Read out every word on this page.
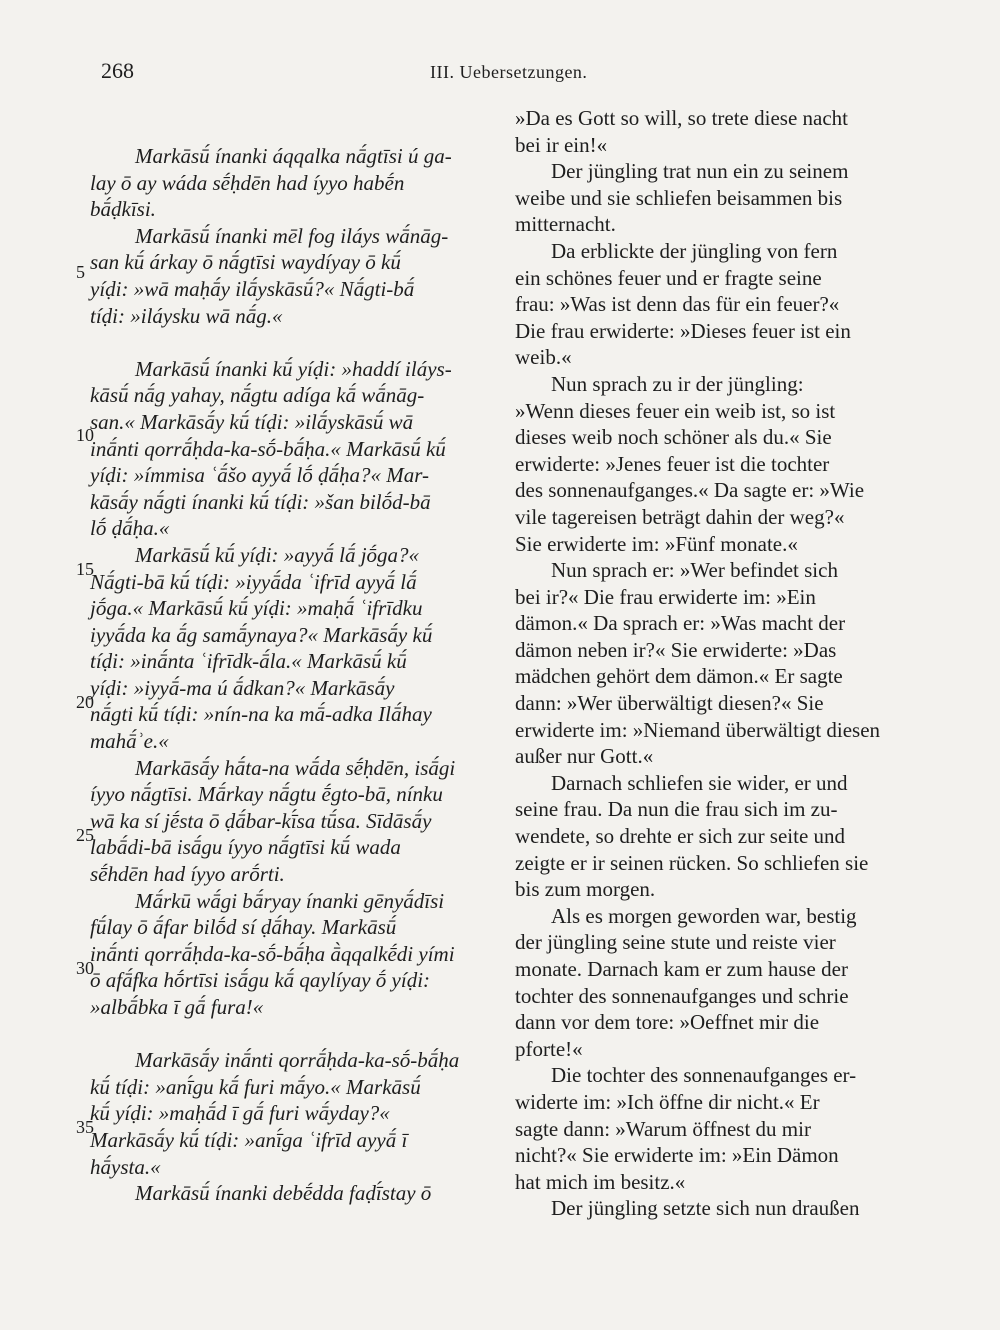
268	III. Uebersetzungen.
Markāsū́ ínanki áqqalka nā́gtīsi ú ga-
lay ō ay wáda sḗḥdēn had íyyo habḗn
bā́ḍkīsi.
Markāsū́ ínanki mēl fog iláys wā́nāg-
san kū́ árkay ō nā́gtīsi waydíyay ō kū́
yíḍi: »wā maḥā́y ilā́yskāsū́?« Nā́gti-bā́
tíḍi: »iláysku wā nā́g.«
Markāsū́ ínanki kū́ yíḍi: »haddí iláys-
kāsū́ nā́g yahay, nā́gtu adíga kā́ wā́nāg-
san.« Markāsā́y kū́ tíḍi: »ilā́yskāsū́ wā
inā́nti qorrā́ḥda-ka-sṓ-bā́ḥa.« Markāsū́ kū́
yíḍi: »ímmisa ʿā́šo ayyā́ lṓ ḍā́ḥa?« Mar-
kāsā́y nā́gti ínanki kū́ tíḍi: »šan bilṓd-bā
lṓ ḍā́ḥa.«
Markāsū́ kū́ yíḍi: »ayyā́ lā́ jṓga?«
Nā́gti-bā kū́ tíḍi: »iyyā́da ʿifrīd ayyā́ lā́
jṓga.« Markāsū́ kū́ yíḍi: »maḥā́ ʿifrīdku
iyyā́da ka ā́g samā́ynaya?« Markāsā́y kū́
tíḍi: »inā́nta ʿifrīdk-ā́la.« Markāsū́ kū́
yíḍi: »iyyā́-ma ú ā́dkan?« Markāsā́y
nā́gti kū́ tíḍi: »nín-na ka mā́-adka Ilā́hay
mahā́ʾe.«
Markāsā́y hā́ta-na wā́da sḗḥdēn, isā́gi
íyyo nā́gtīsi. Mā́rkay nā́gtu ḗgto-bā, nínku
wā ka sí jḗsta ō ḍā́bar-kī́sa tū́sa. Sīdāsā́y
labā́di-bā isā́gu íyyo nā́gtīsi kū́ wada
sḗhdēn had íyyo arṓrti.
Mā́rkū wā́gi bā́ryay ínanki gēnyā́dīsi
fū́lay ō ā́far bilṓd sí ḍā́hay. Markāsū́
inā́nti qorrā́ḥda-ka-sṓ-bā́ḥa ā̀qqalkḗdi yími
ō afā́fka hṓrtīsi isā́gu kā́ qaylíyay ṓ yíḍi:
»albā́bka ī gā́ fura!«
Markāsā́y inā́nti qorrā́ḥda-ka-sṓ-bā́ḥa
kū́ tíḍi: »anī́gu kā́ furi mā́yo.« Markāsū́
kū́ yíḍi: »maḥā́d ī gā́ furi wā́yday?«
Markāsā́y kū́ tíḍi: »anī́ga ʿifrīd ayyā́ ī
hā́ysta.«
Markāsū́ ínanki debḗdda faḍī́stay ō
5
10
15
20
25
30
35
»Da es Gott so will, so trete diese nacht
bei ir ein!«
Der jüngling trat nun ein zu seinem
weibe und sie schliefen beisammen bis
mitternacht.
Da erblickte der jüngling von fern
ein schönes feuer und er fragte seine
frau: »Was ist denn das für ein feuer?«
Die frau erwiderte: »Dieses feuer ist ein
weib.«
Nun sprach zu ir der jüngling:
»Wenn dieses feuer ein weib ist, so ist
dieses weib noch schöner als du.« Sie
erwiderte: »Jenes feuer ist die tochter
des sonnenaufganges.« Da sagte er: »Wie
vile tagereisen beträgt dahin der weg?«
Sie erwiderte im: »Fünf monate.«
Nun sprach er: »Wer befindet sich
bei ir?« Die frau erwiderte im: »Ein
dämon.« Da sprach er: »Was macht der
dämon neben ir?« Sie erwiderte: »Das
mädchen gehört dem dämon.« Er sagte
dann: »Wer überwältigt diesen?« Sie
erwiderte im: »Niemand überwältigt diesen
außer nur Gott.«
Darnach schliefen sie wider, er und
seine frau. Da nun die frau sich im zu-
wendete, so drehte er sich zur seite und
zeigte er ir seinen rücken. So schliefen sie
bis zum morgen.
Als es morgen geworden war, bestig
der jüngling seine stute und reiste vier
monate. Darnach kam er zum hause der
tochter des sonnenaufganges und schrie
dann vor dem tore: »Oeffnet mir die
pforte!«
Die tochter des sonnenaufganges er-
widerte im: »Ich öffne dir nicht.« Er
sagte dann: »Warum öffnest du mir
nicht?« Sie erwiderte im: »Ein Dämon
hat mich im besitz.«
Der jüngling setzte sich nun draußen
